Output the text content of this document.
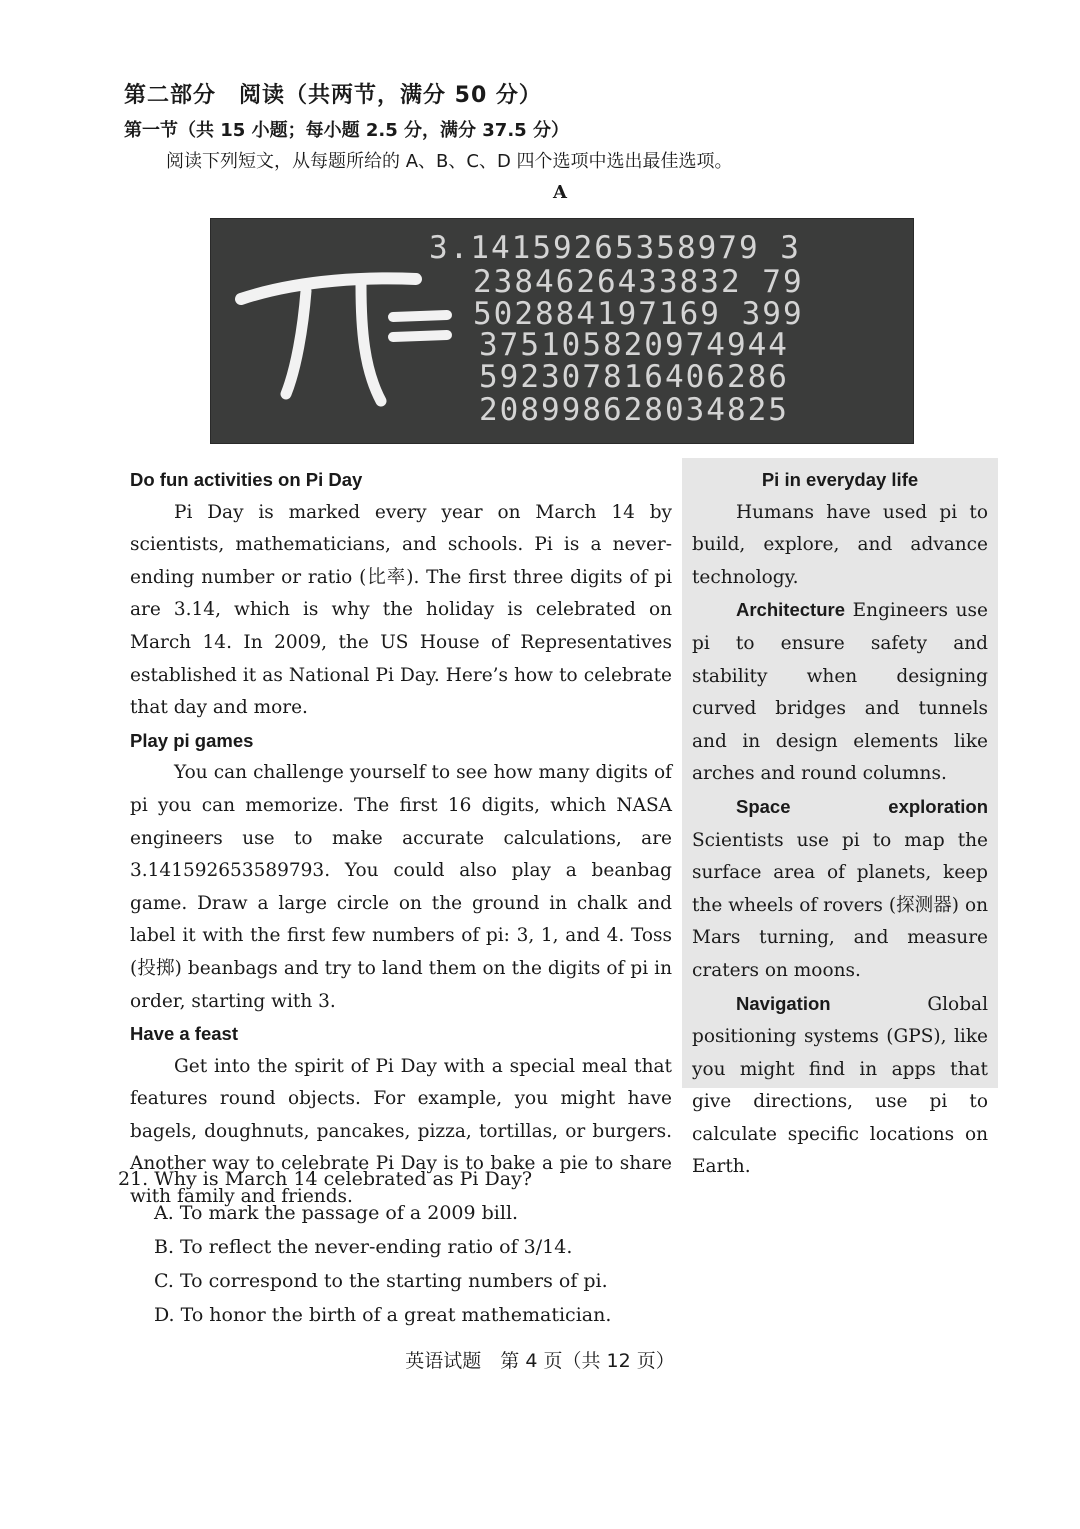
第二部分　阅读（共两节，满分 50 分）
第一节（共 15 小题；每小题 2.5 分，满分 37.5 分）
阅读下列短文，从每题所给的 A、B、C、D 四个选项中选出最佳选项。
A
3.14159265358979 3
2384626433832 79
502884197169 399
375105820974944
592307816406286
208998628034825
Do fun activities on Pi Day

Pi Day is marked every year on March 14 by scientists, mathematicians, and schools. Pi is a never-ending number or ratio (比率). The first three digits of pi are 3.14, which is why the holiday is celebrated on March 14. In 2009, the US House of Representatives established it as National Pi Day. Here’s how to celebrate that day and more.

Play pi games

You can challenge yourself to see how many digits of pi you can memorize. The first 16 digits, which NASA engineers use to make accurate calculations, are 3.141592653589793. You could also play a beanbag game. Draw a large circle on the ground in chalk and label it with the first few numbers of pi: 3, 1, and 4. Toss (投掷) beanbags and try to land them on the digits of pi in order, starting with 3.

Have a feast

Get into the spirit of Pi Day with a special meal that features round objects. For example, you might have bagels, doughnuts, pancakes, pizza, tortillas, or burgers. Another way to celebrate Pi Day is to bake a pie to share with family and friends.

Pi in everyday life

Humans have used pi to build, explore, and advance technology.

Architecture Engineers use pi to ensure safety and stability when designing curved bridges and tunnels and in design elements like arches and round columns.

Space exploration Scientists use pi to map the surface area of planets, keep the wheels of rovers (探测器) on Mars turning, and measure craters on moons.

Navigation Global positioning systems (GPS), like you might find in apps that give directions, use pi to calculate specific locations on Earth.

21. Why is March 14 celebrated as Pi Day?
A. To mark the passage of a 2009 bill.
B. To reflect the never-ending ratio of 3/14.
C. To correspond to the starting numbers of pi.
D. To honor the birth of a great mathematician.
英语试题　第 4 页（共 12 页）
